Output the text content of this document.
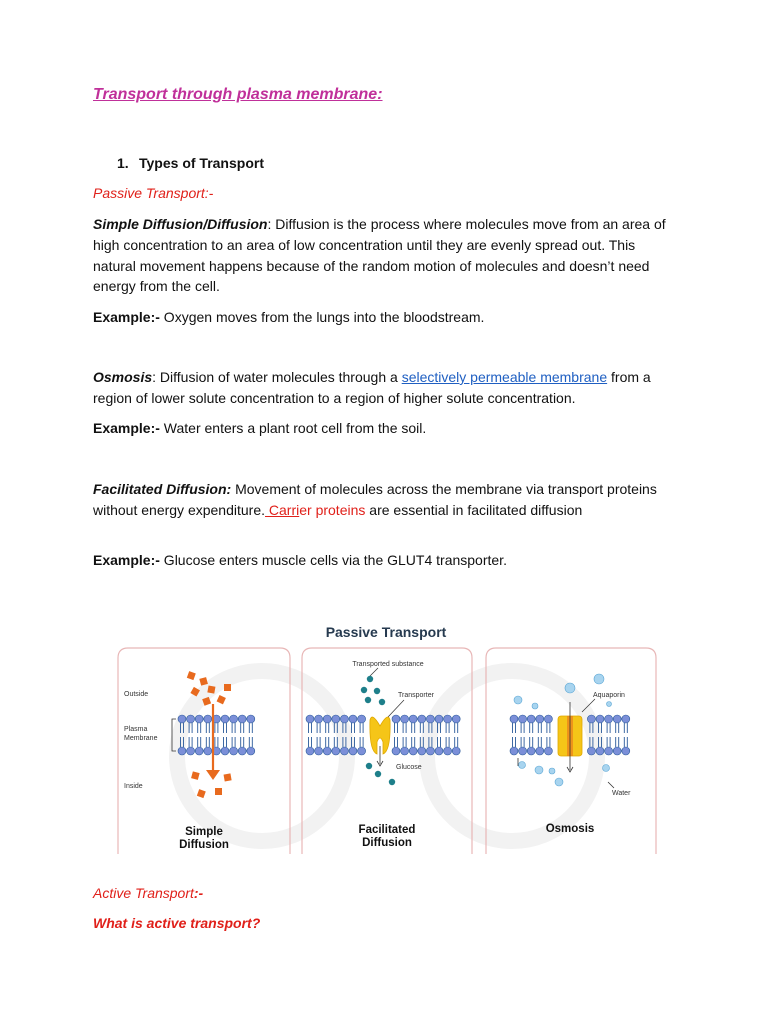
Transport through plasma membrane:
1. Types of Transport
Passive Transport:-
Simple Diffusion/Diffusion: Diffusion is the process where molecules move from an area of high concentration to an area of low concentration until they are evenly spread out. This natural movement happens because of the random motion of molecules and doesn’t need energy from the cell.
Example:- Oxygen moves from the lungs into the bloodstream.
Osmosis: Diffusion of water molecules through a selectively permeable membrane from a region of lower solute concentration to a region of higher solute concentration.
Example:- Water enters a plant root cell from the soil.
Facilitated Diffusion: Movement of molecules across the membrane via transport proteins without energy expenditure. Carrier proteins are essential in facilitated diffusion
Example:- Glucose enters muscle cells via the GLUT4 transporter.
Passive Transport
Outside
Plasma
Membrane
Inside
Simple
Diffusion
Transported substance
Transporter
Glucose
Facilitated
Diffusion
Aquaporin
Water
Osmosis
Active Transport:-
What is active transport?
